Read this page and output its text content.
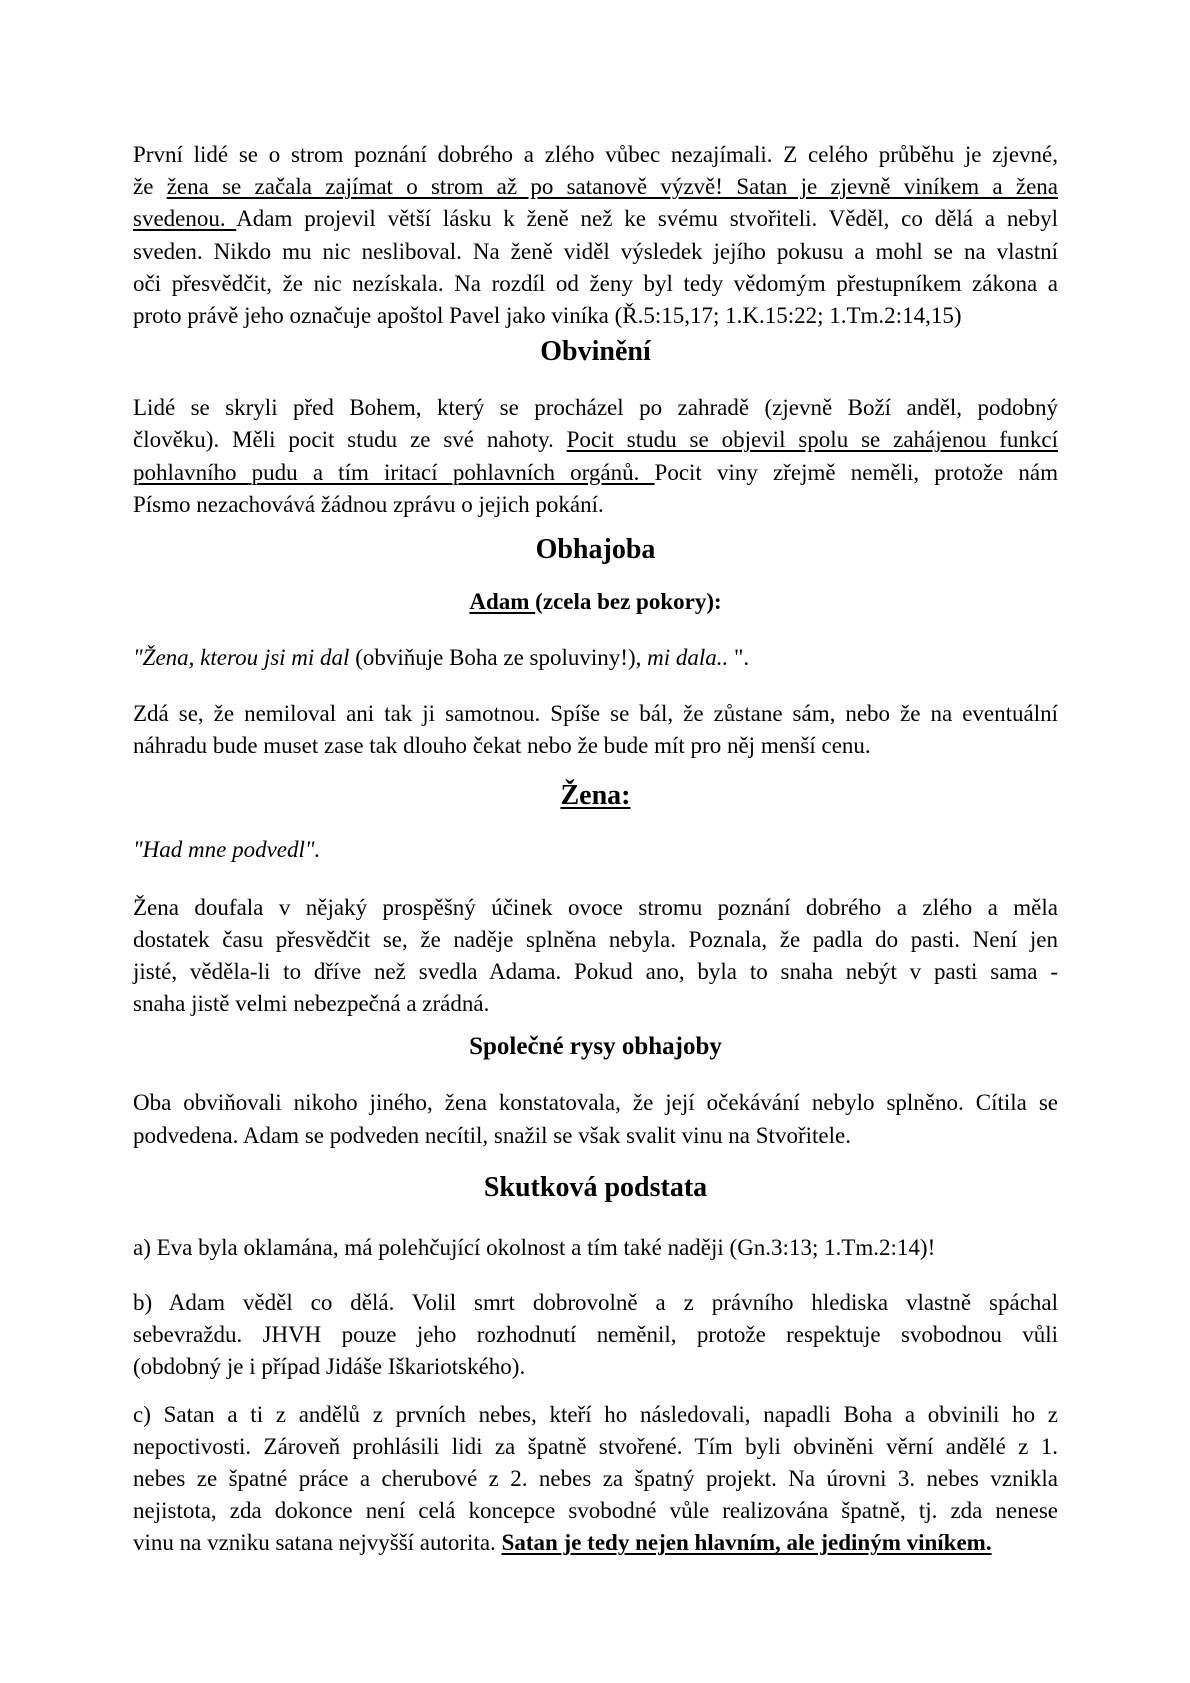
První lidé se o strom poznání dobrého a zlého vůbec nezajímali. Z celého průběhu je zjevné,
že žena se začala zajímat o strom až po satanově výzvě! Satan je zjevně viníkem a žena
svedenou. Adam projevil větší lásku k ženě než ke svému stvořiteli. Věděl, co dělá a nebyl
sveden. Nikdo mu nic nesliboval. Na ženě viděl výsledek jejího pokusu a mohl se na vlastní
oči přesvědčit, že nic nezískala. Na rozdíl od ženy byl tedy vědomým přestupníkem zákona a
proto právě jeho označuje apoštol Pavel jako viníka (Ř.5:15,17; 1.K.15:22; 1.Tm.2:14,15)
Obvinění
Lidé se skryli před Bohem, který se procházel po zahradě (zjevně Boží anděl, podobný
člověku). Měli pocit studu ze své nahoty. Pocit studu se objevil spolu se zahájenou funkcí
pohlavního pudu a tím iritací pohlavních orgánů. Pocit viny zřejmě neměli, protože nám
Písmo nezachovává žádnou zprávu o jejich pokání.
Obhajoba
Adam (zcela bez pokory):
"Žena, kterou jsi mi dal (obviňuje Boha ze spoluviny!), mi dala.. ".
Zdá se, že nemiloval ani tak ji samotnou. Spíše se bál, že zůstane sám, nebo že na eventuální
náhradu bude muset zase tak dlouho čekat nebo že bude mít pro něj menší cenu.
Žena:
"Had mne podvedl".
Žena doufala v nějaký prospěšný účinek ovoce stromu poznání dobrého a zlého a měla
dostatek času přesvědčit se, že naděje splněna nebyla. Poznala, že padla do pasti. Není jen
jisté, věděla-li to dříve než svedla Adama. Pokud ano, byla to snaha nebýt v pasti sama -
snaha jistě velmi nebezpečná a zrádná.
Společné rysy obhajoby
Oba obviňovali nikoho jiného, žena konstatovala, že její očekávání nebylo splněno. Cítila se
podvedena. Adam se podveden necítil, snažil se však svalit vinu na Stvořitele.
Skutková podstata
a) Eva byla oklamána, má polehčující okolnost a tím také naději (Gn.3:13; 1.Tm.2:14)!
b) Adam věděl co dělá. Volil smrt dobrovolně a z právního hlediska vlastně spáchal
sebevraždu. JHVH pouze jeho rozhodnutí neměnil, protože respektuje svobodnou vůli
(obdobný je i případ Jidáše Iškariotského).
c) Satan a ti z andělů z prvních nebes, kteří ho následovali, napadli Boha a obvinili ho z
nepoctivosti. Zároveň prohlásili lidi za špatně stvořené. Tím byli obviněni věrní andělé z 1.
nebes ze špatné práce a cherubové z 2. nebes za špatný projekt. Na úrovni 3. nebes vznikla
nejistota, zda dokonce není celá koncepce svobodné vůle realizována špatně, tj. zda nenese
vinu na vzniku satana nejvyšší autorita. Satan je tedy nejen hlavním, ale jediným viníkem.
